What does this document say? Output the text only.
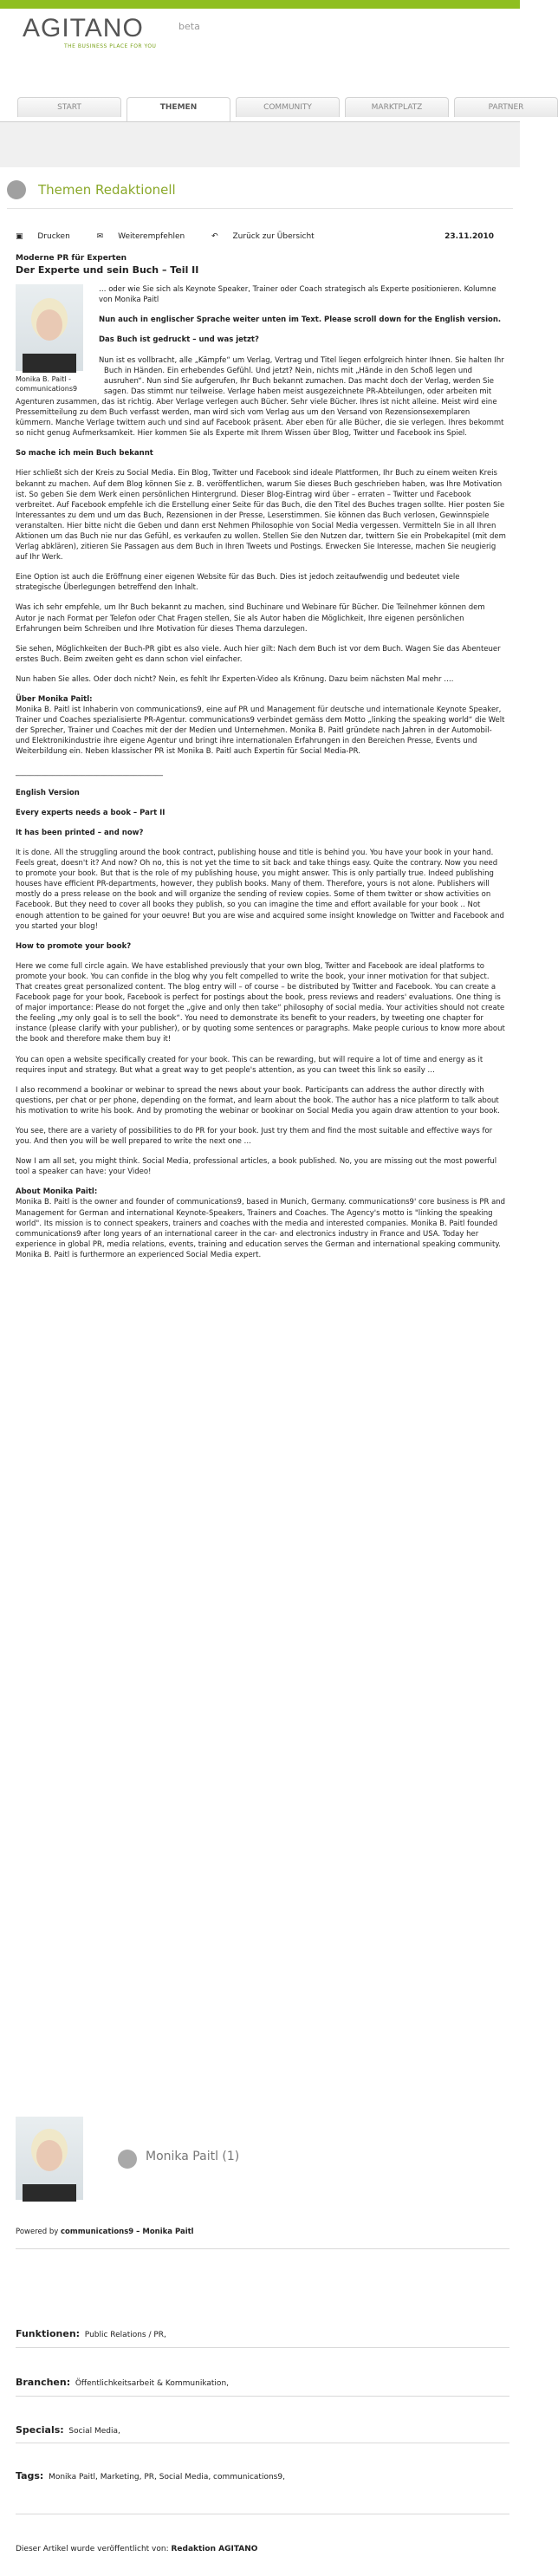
AGITANO	beta
THE BUSINESS PLACE FOR YOU
START	THEMEN	COMMUNITY	MARKTPLATZ	PARTNER
Themen Redaktionell
▣ Drucken	✉ Weiterempfehlen	↶ Zurück zur Übersicht	23.11.2010
Moderne PR für Experten
Der Experte und sein Buch – Teil II

… oder wie Sie sich als Keynote Speaker, Trainer oder Coach strategisch als Experte positionieren. Kolumne von Monika Paitl

Nun auch in englischer Sprache weiter unten im Text. Please scroll down for the English version.

Monika B. Paitl - communications9

Das Buch ist gedruckt – und was jetzt?

Nun ist es vollbracht, alle „Kämpfe“ um Verlag, Vertrag und Titel liegen erfolgreich hinter Ihnen. Sie halten Ihr Buch in Händen. Ein erhebendes Gefühl. Und jetzt? Nein, nichts mit „Hände in den Schoß legen und ausruhen“. Nun sind Sie aufgerufen, Ihr Buch bekannt zumachen. Das macht doch der Verlag, werden Sie sagen. Das stimmt nur teilweise. Verlage haben meist ausgezeichnete PR-Abteilungen, oder arbeiten mit Agenturen zusammen, das ist richtig. Aber Verlage verlegen auch Bücher. Sehr viele Bücher. Ihres ist nicht alleine. Meist wird eine Pressemitteilung zu dem Buch verfasst werden, man wird sich vom Verlag aus um den Versand von Rezensionsexemplaren kümmern. Manche Verlage twittern auch und sind auf Facebook präsent. Aber eben für alle Bücher, die sie verlegen. Ihres bekommt so nicht genug Aufmerksamkeit. Hier kommen Sie als Experte mit Ihrem Wissen über Blog, Twitter und Facebook ins Spiel.

So mache ich mein Buch bekannt

Hier schließt sich der Kreis zu Social Media. Ein Blog, Twitter und Facebook sind ideale Plattformen, Ihr Buch zu einem weiten Kreis bekannt zu machen. Auf dem Blog können Sie z. B. veröffentlichen, warum Sie dieses Buch geschrieben haben, was Ihre Motivation ist. So geben Sie dem Werk einen persönlichen Hintergrund. Dieser Blog-Eintrag wird über – erraten – Twitter und Facebook verbreitet. Auf Facebook empfehle ich die Erstellung einer Seite für das Buch, die den Titel des Buches tragen sollte. Hier posten Sie Interessantes zu dem und um das Buch, Rezensionen in der Presse, Leserstimmen. Sie können das Buch verlosen, Gewinnspiele veranstalten. Hier bitte nicht die Geben und dann erst Nehmen Philosophie von Social Media vergessen. Vermitteln Sie in all Ihren Aktionen um das Buch nie nur das Gefühl, es verkaufen zu wollen. Stellen Sie den Nutzen dar, twittern Sie ein Probekapitel (mit dem Verlag abklären), zitieren Sie Passagen aus dem Buch in Ihren Tweets und Postings. Erwecken Sie Interesse, machen Sie neugierig auf Ihr Werk.

Eine Option ist auch die Eröffnung einer eigenen Website für das Buch. Dies ist jedoch zeitaufwendig und bedeutet viele strategische Überlegungen betreffend den Inhalt.

Was ich sehr empfehle, um Ihr Buch bekannt zu machen, sind Buchinare und Webinare für Bücher. Die Teilnehmer können dem Autor je nach Format per Telefon oder Chat Fragen stellen, Sie als Autor haben die Möglichkeit, Ihre eigenen persönlichen Erfahrungen beim Schreiben und Ihre Motivation für dieses Thema darzulegen.

Sie sehen, Möglichkeiten der Buch-PR gibt es also viele. Auch hier gilt: Nach dem Buch ist vor dem Buch. Wagen Sie das Abenteuer erstes Buch. Beim zweiten geht es dann schon viel einfacher.

Nun haben Sie alles. Oder doch nicht? Nein, es fehlt Ihr Experten-Video als Krönung. Dazu beim nächsten Mal mehr ….

Über Monika Paitl:

Monika B. Paitl ist Inhaberin von communications9, eine auf PR und Management für deutsche und internationale Keynote Speaker, Trainer und Coaches spezialisierte PR-Agentur. communications9 verbindet gemäss dem Motto „linking the speaking world“ die Welt der Sprecher, Trainer und Coaches mit der der Medien und Unternehmen. Monika B. Paitl gründete nach Jahren in der Automobil- und Elektronikindustrie ihre eigene Agentur und bringt ihre internationalen Erfahrungen in den Bereichen Presse, Events und Weiterbildung ein. Neben klassischer PR ist Monika B. Paitl auch Expertin für Social Media-PR.

________________________________________

English Version

Every experts needs a book – Part II

It has been printed – and now?

It is done. All the struggling around the book contract, publishing house and title is behind you. You have your book in your hand. Feels great, doesn't it? And now? Oh no, this is not yet the time to sit back and take things easy. Quite the contrary. Now you need to promote your book. But that is the role of my publishing house, you might answer. This is only partially true. Indeed publishing houses have efficient PR-departments, however, they publish books. Many of them. Therefore, yours is not alone. Publishers will mostly do a press release on the book and will organize the sending of review copies. Some of them twitter or show activities on Facebook. But they need to cover all books they publish, so you can imagine the time and effort available for your book .. Not enough attention to be gained for your oeuvre! But you are wise and acquired some insight knowledge on Twitter and Facebook and you started your blog!

How to promote your book?

Here we come full circle again. We have established previously that your own blog, Twitter and Facebook are ideal platforms to promote your book. You can confide in the blog why you felt compelled to write the book, your inner motivation for that subject. That creates great personalized content. The blog entry will – of course – be distributed by Twitter and Facebook. You can create a Facebook page for your book, Facebook is perfect for postings about the book, press reviews and readers' evaluations. One thing is of major importance: Please do not forget the „give and only then take“ philosophy of social media. Your activities should not create the feeling „my only goal is to sell the book“. You need to demonstrate its benefit to your readers, by tweeting one chapter for instance (please clarify with your publisher), or by quoting some sentences or paragraphs. Make people curious to know more about the book and therefore make them buy it!

You can open a website specifically created for your book. This can be rewarding, but will require a lot of time and energy as it requires input and strategy. But what a great way to get people's attention, as you can tweet this link so easily …

I also recommend a bookinar or webinar to spread the news about your book. Participants can address the author directly with questions, per chat or per phone, depending on the format, and learn about the book. The author has a nice platform to talk about his motivation to write his book. And by promoting the webinar or bookinar on Social Media you again draw attention to your book.

You see, there are a variety of possibilities to do PR for your book. Just try them and find the most suitable and effective ways for you. And then you will be well prepared to write the next one …

Now I am all set, you might think. Social Media, professional articles, a book published. No, you are missing out the most powerful tool a speaker can have: your Video!

About Monika Paitl:

Monika B. Paitl is the owner and founder of communications9, based in Munich, Germany. communications9' core business is PR and Management for German and international Keynote-Speakers, Trainers and Coaches. The Agency's motto is "linking the speaking world". Its mission is to connect speakers, trainers and coaches with the media and interested companies. Monika B. Paitl founded communications9 after long years of an international career in the car- and electronics industry in France and USA. Today her experience in global PR, media relations, events, training and education serves the German and international speaking community. Monika B. Paitl is furthermore an experienced Social Media expert.

Monika Paitl (1)
Powered by communications9 – Monika Paitl
Funktionen: Public Relations / PR,
Branchen: Öffentlichkeitsarbeit & Kommunikation,
Specials: Social Media,
Tags: Monika Paitl, Marketing, PR, Social Media, communications9,
Dieser Artikel wurde veröffentlicht von: Redaktion AGITANO
